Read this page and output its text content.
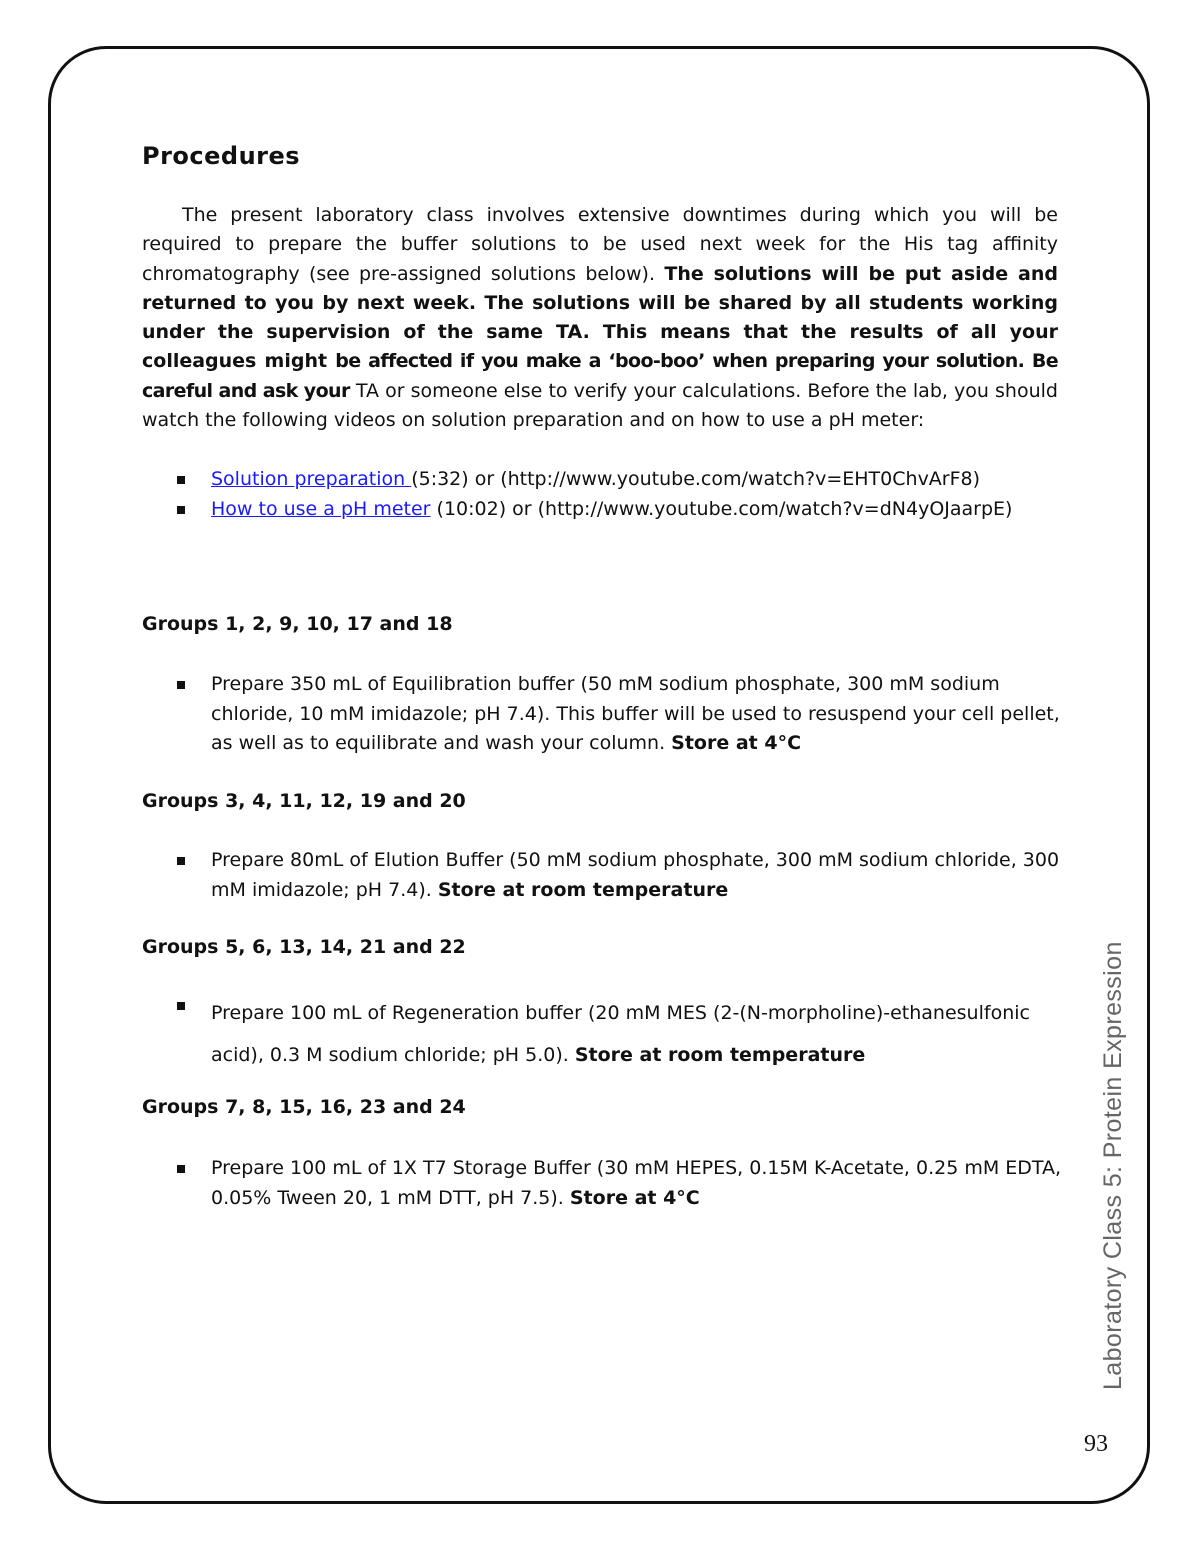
Procedures

The present laboratory class involves extensive downtimes during which you will be required to prepare the buffer solutions to be used next week for the His tag affinity chromatography (see pre-assigned solutions below). The solutions will be put aside and returned to you by next week. The solutions will be shared by all students working under the supervision of the same TA. This means that the results of all your colleagues might be affected if you make a ‘boo-boo’ when preparing your solution. Be careful and ask your TA or someone else to verify your calculations. Before the lab, you should watch the following videos on solution preparation and on how to use a pH meter:

Solution preparation (5:32) or (http://www.youtube.com/watch?v=EHT0ChvArF8)
How to use a pH meter (10:02) or (http://www.youtube.com/watch?v=dN4yOJaarpE)
Groups 1, 2, 9, 10, 17 and 18
Prepare 350 mL of Equilibration buffer (50 mM sodium phosphate, 300 mM sodium chloride, 10 mM imidazole; pH 7.4). This buffer will be used to resuspend your cell pellet, as well as to equilibrate and wash your column. Store at 4°C
Groups 3, 4, 11, 12, 19 and 20
Prepare 80mL of Elution Buffer (50 mM sodium phosphate, 300 mM sodium chloride, 300 mM imidazole; pH 7.4). Store at room temperature
Groups 5, 6, 13, 14, 21 and 22
Prepare 100 mL of Regeneration buffer (20 mM MES (2-(N-morpholine)-ethanesulfonic acid), 0.3 M sodium chloride; pH 5.0). Store at room temperature
Groups 7, 8, 15, 16, 23 and 24
Prepare 100 mL of 1X T7 Storage Buffer (30 mM HEPES, 0.15M K-Acetate, 0.25 mM EDTA, 0.05% Tween 20, 1 mM DTT, pH 7.5). Store at 4°C	Laboratory Class 5: Protein Expression
93
